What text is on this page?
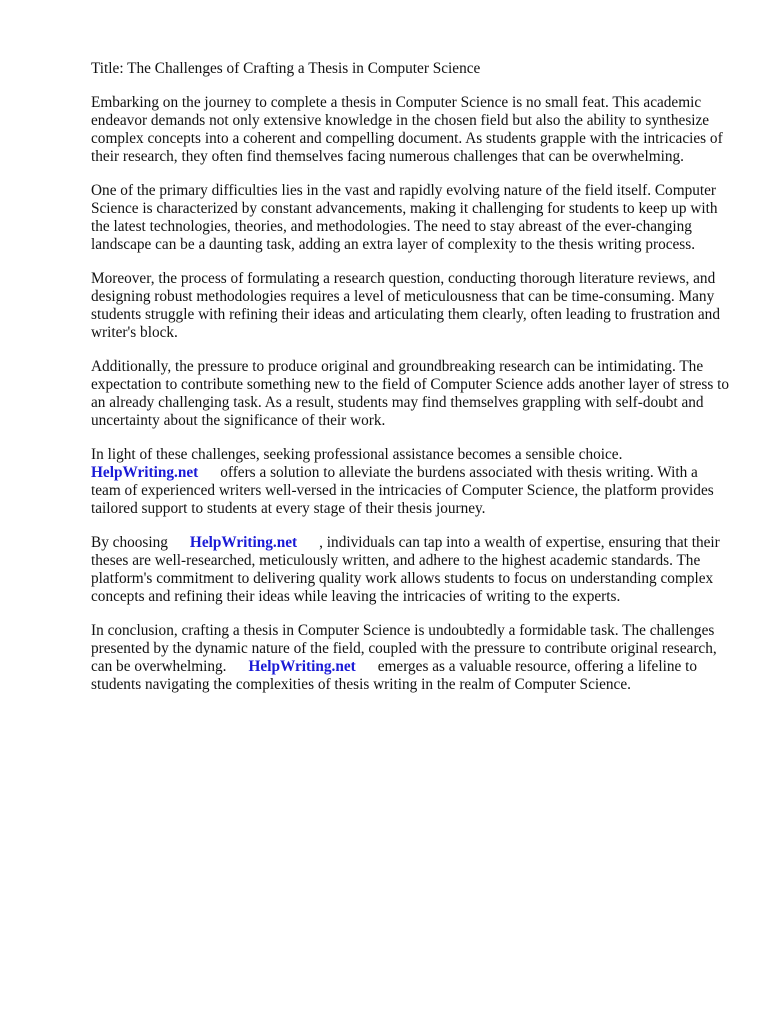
Title: The Challenges of Crafting a Thesis in Computer Science

Embarking on the journey to complete a thesis in Computer Science is no small feat. This academic endeavor demands not only extensive knowledge in the chosen field but also the ability to synthesize complex concepts into a coherent and compelling document. As students grapple with the intricacies of their research, they often find themselves facing numerous challenges that can be overwhelming.

One of the primary difficulties lies in the vast and rapidly evolving nature of the field itself. Computer Science is characterized by constant advancements, making it challenging for students to keep up with the latest technologies, theories, and methodologies. The need to stay abreast of the ever-changing landscape can be a daunting task, adding an extra layer of complexity to the thesis writing process.

Moreover, the process of formulating a research question, conducting thorough literature reviews, and designing robust methodologies requires a level of meticulousness that can be time-consuming. Many students struggle with refining their ideas and articulating them clearly, often leading to frustration and writer's block.

Additionally, the pressure to produce original and groundbreaking research can be intimidating. The expectation to contribute something new to the field of Computer Science adds another layer of stress to an already challenging task. As a result, students may find themselves grappling with self-doubt and uncertainty about the significance of their work.

In light of these challenges, seeking professional assistance becomes a sensible choice.
HelpWriting.net offers a solution to alleviate the burdens associated with thesis writing. With a team of experienced writers well-versed in the intricacies of Computer Science, the platform provides tailored support to students at every stage of their thesis journey.

By choosing HelpWriting.net , individuals can tap into a wealth of expertise, ensuring that their theses are well-researched, meticulously written, and adhere to the highest academic standards. The platform's commitment to delivering quality work allows students to focus on understanding complex concepts and refining their ideas while leaving the intricacies of writing to the experts.

In conclusion, crafting a thesis in Computer Science is undoubtedly a formidable task. The challenges presented by the dynamic nature of the field, coupled with the pressure to contribute original research, can be overwhelming. HelpWriting.net emerges as a valuable resource, offering a lifeline to students navigating the complexities of thesis writing in the realm of Computer Science.
